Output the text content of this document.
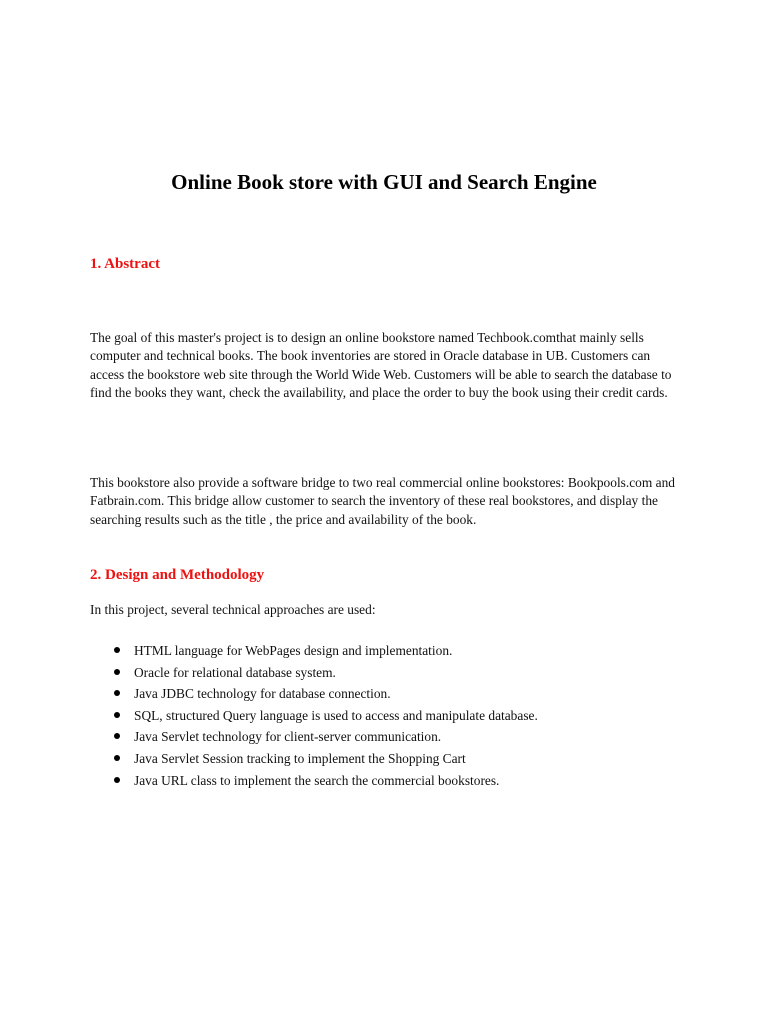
Online Book store with GUI and Search Engine
1. Abstract

The goal of this master's project is to design an online bookstore named Techbook.comthat mainly sells computer and technical books. The book inventories are stored in Oracle database in UB. Customers can access the bookstore web site through the World Wide Web. Customers will be able to search the database to find the books they want, check the availability, and place the order to buy the book using their credit cards.

This bookstore also provide a software bridge to two real commercial online bookstores: Bookpools.com and Fatbrain.com. This bridge allow customer to search the inventory of these real bookstores, and display the searching results such as the title , the price and availability of the book.

2. Design and Methodology

In this project, several technical approaches are used:

HTML language for WebPages design and implementation.
Oracle for relational database system.
Java JDBC technology for database connection.
SQL, structured Query language is used to access and manipulate database.
Java Servlet technology for client-server communication.
Java Servlet Session tracking to implement the Shopping Cart
Java URL class to implement the search the commercial bookstores.
